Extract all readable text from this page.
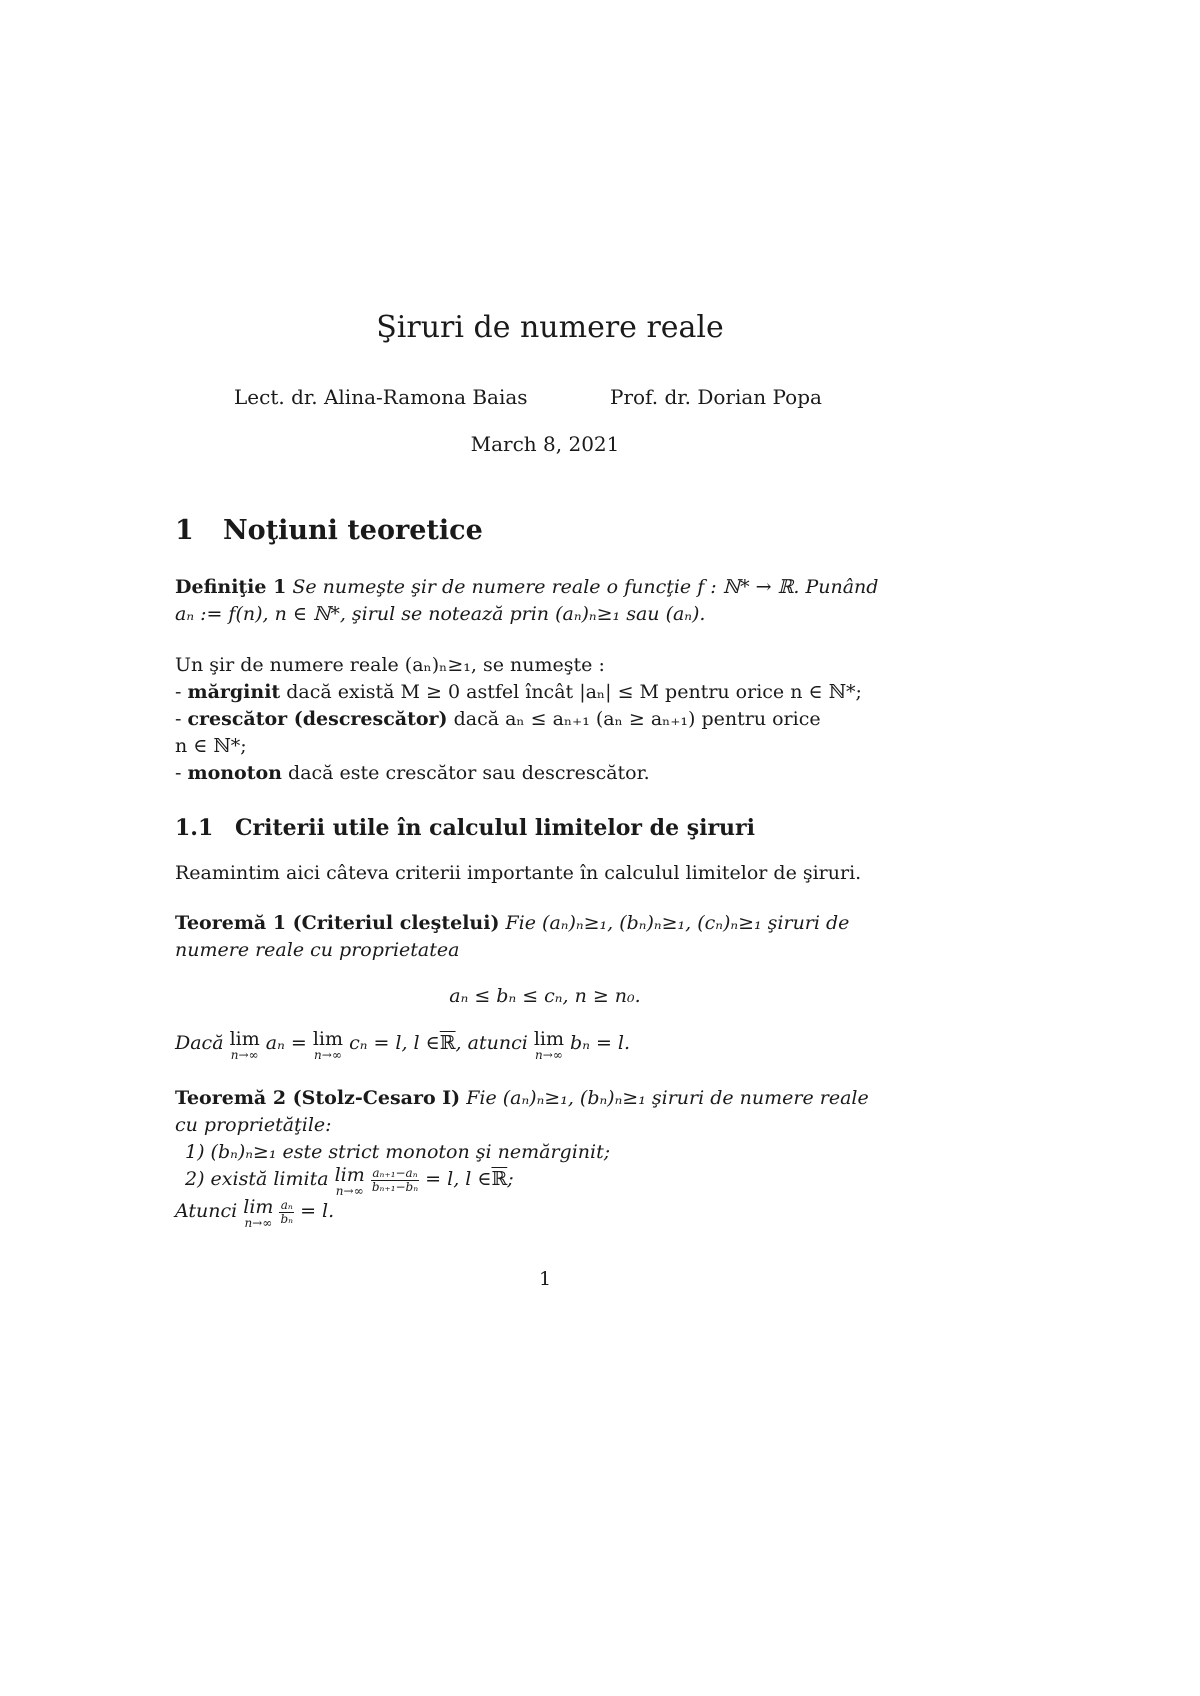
Şiruri de numere reale
Lect. dr. Alina-Ramona Baias	Prof. dr. Dorian Popa
March 8, 2021
1 Noţiuni teoretice
Definiţie 1 Se numeşte şir de numere reale o funcţie f : ℕ* → ℝ. Punând
aₙ := f(n), n ∈ ℕ*, şirul se notează prin (aₙ)ₙ≥₁ sau (aₙ).
Un şir de numere reale (aₙ)ₙ≥₁, se numeşte :
- mărginit dacă există M ≥ 0 astfel încât |aₙ| ≤ M pentru orice n ∈ ℕ*;
- crescător (descrescător) dacă aₙ ≤ aₙ₊₁ (aₙ ≥ aₙ₊₁) pentru orice
n ∈ ℕ*;
- monoton dacă este crescător sau descrescător.
1.1 Criterii utile în calculul limitelor de şiruri
Reamintim aici câteva criterii importante în calculul limitelor de şiruri.
Teoremă 1 (Criteriul cleştelui) Fie (aₙ)ₙ≥₁, (bₙ)ₙ≥₁, (cₙ)ₙ≥₁ şiruri de
numere reale cu proprietatea
aₙ ≤ bₙ ≤ cₙ, n ≥ n₀.
Dacă lim
n→∞
aₙ = lim
n→∞
cₙ = l, l ∈ℝ, atunci lim
n→∞
bₙ = l.
Teoremă 2 (Stolz-Cesaro I) Fie (aₙ)ₙ≥₁, (bₙ)ₙ≥₁ şiruri de numere reale
cu proprietăţile:
1) (bₙ)ₙ≥₁ este strict monoton şi nemărginit;
2) există limita lim
n→∞
$\frac{\text{aₙ₊₁−aₙ}}{\text{bₙ₊₁−bₙ}} = l$, l ∈ℝ;
Atunci lim
n→∞
$\frac{\text{aₙ}}{\text{bₙ}} = l$.
1
